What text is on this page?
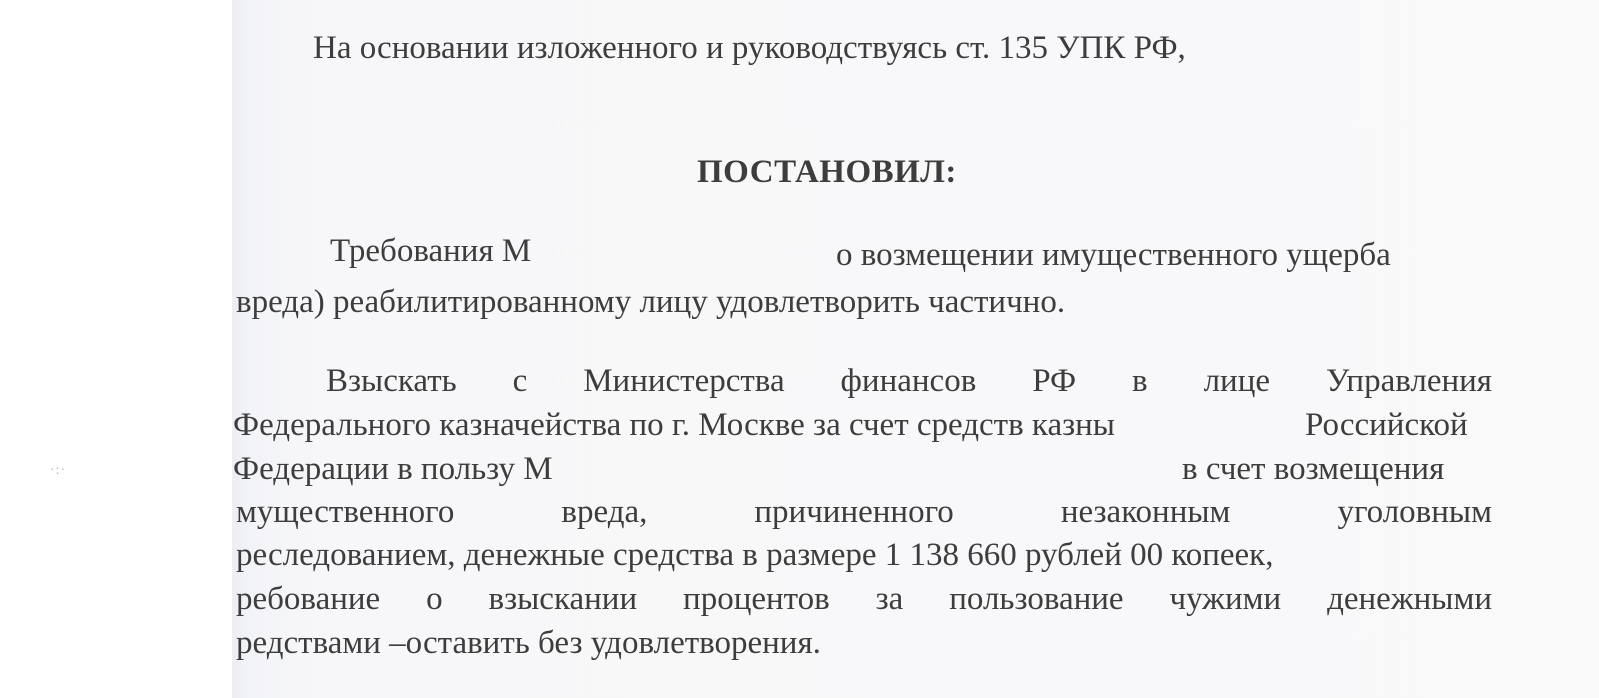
·:·
На основании изложенного и руководствуясь ст. 135 УПК РФ,
ПОСТАНОВИЛ:
Требования М	о возмещении имущественного ущерба
вреда) реабилитированному лицу удовлетворить частично.
Взыскать с Министерства финансов РФ в лице Управления
Федерального казначейства по г. Москве за счет средств казны	Российской
Федерации в пользу М	в счет возмещения
мущественного	вреда,	причиненного	незаконным	уголовным
реследованием, денежные средства в размере 1 138 660 рублей 00 копеек,
ребование о взыскании процентов за пользование чужими денежными
редствами –оставить без удовлетворения.
